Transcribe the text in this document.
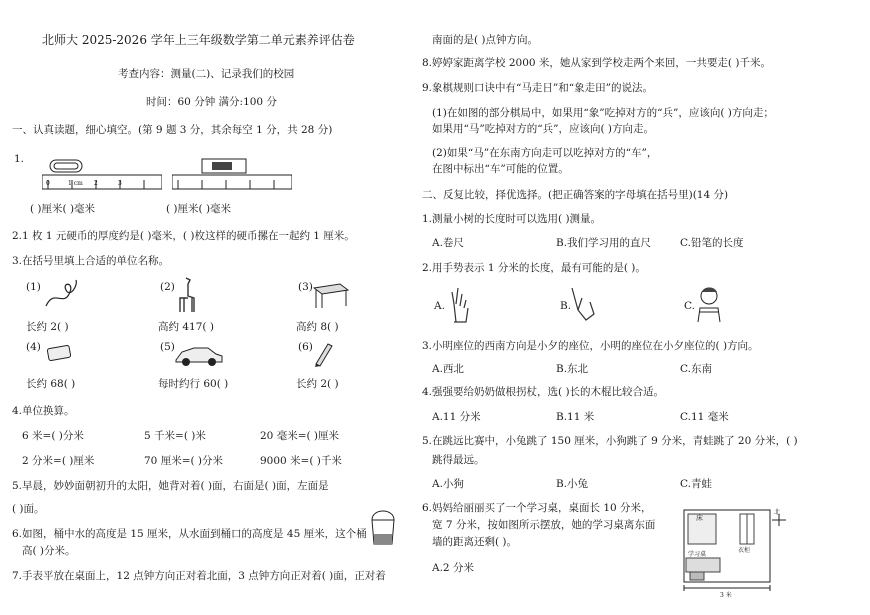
北师大 2025-2026 学年上三年级数学第二单元素养评估卷
考查内容：测量(二)、记录我们的校园
时间：60 分钟 满分:100 分
一、认真读题，细心填空。(第 9 题 3 分，其余每空 1 分，共 28 分)
1.
0	1 cm 2	3
( )厘米( )毫米	( )厘米( )毫米
2.1 枚 1 元硬币的厚度约是( )毫米，( )枚这样的硬币摞在一起约 1 厘米。
3.在括号里填上合适的单位名称。
(1)
长约 2( )
(2)
高约 417( )
(3)
高约 8( )
(4)
长约 68( )
(5)
每时约行 60( )
(6)
长约 2( )
4.单位换算。
6 米=( )分米	5 千米=( )米	20 毫米=( )厘米
2 分米=( )厘米	70 厘米=( )分米	9000 米=( )千米
5.早晨，妙妙面朝初升的太阳，她背对着( )面，右面是( )面，左面是
( )面。
6.如图，桶中水的高度是 15 厘米，从水面到桶口的高度是 45 厘米，这个桶
高( )分米。
7.手表平放在桌面上，12 点钟方向正对着北面，3 点钟方向正对着( )面，正对着
南面的是( )点钟方向。
8.婷婷家距离学校 2000 米，她从家到学校走两个来回，一共要走( )千米。
9.象棋规则口诀中有“马走日”和“象走田”的说法。
(1)在如图的部分棋局中，如果用“象”吃掉对方的“兵”，应该向( )方向走；
如果用“马”吃掉对方的“兵”，应该向( )方向走。
(2)如果“马”在东南方向走可以吃掉对方的“车”，
在图中标出“车”可能的位置。
二、反复比较，择优选择。(把正确答案的字母填在括号里)(14 分)
1.测量小树的长度时可以选用( )测量。
A.卷尺	B.我们学习用的直尺	C.铅笔的长度
2.用手势表示 1 分米的长度，最有可能的是( )。
A.	B.	C.
3.小明座位的西南方向是小夕的座位，小明的座位在小夕座位的( )方向。
A.西北	B.东北	C.东南
4.强强要给奶奶做根拐杖，选( )长的木棍比较合适。
A.11 分米	B.11 米	C.11 毫米
5.在跳远比赛中，小兔跳了 150 厘米，小狗跳了 9 分米，青蛙跳了 20 分米，( )
跳得最远。
A.小狗	B.小兔	C.青蛙
6.妈妈给丽丽买了一个学习桌，桌面长 10 分米，
宽 7 分米，按如图所示摆放，她的学习桌离东面
墙的距离还剩( )。
A.2 分米
床
衣柜
学习桌
北
3 米
